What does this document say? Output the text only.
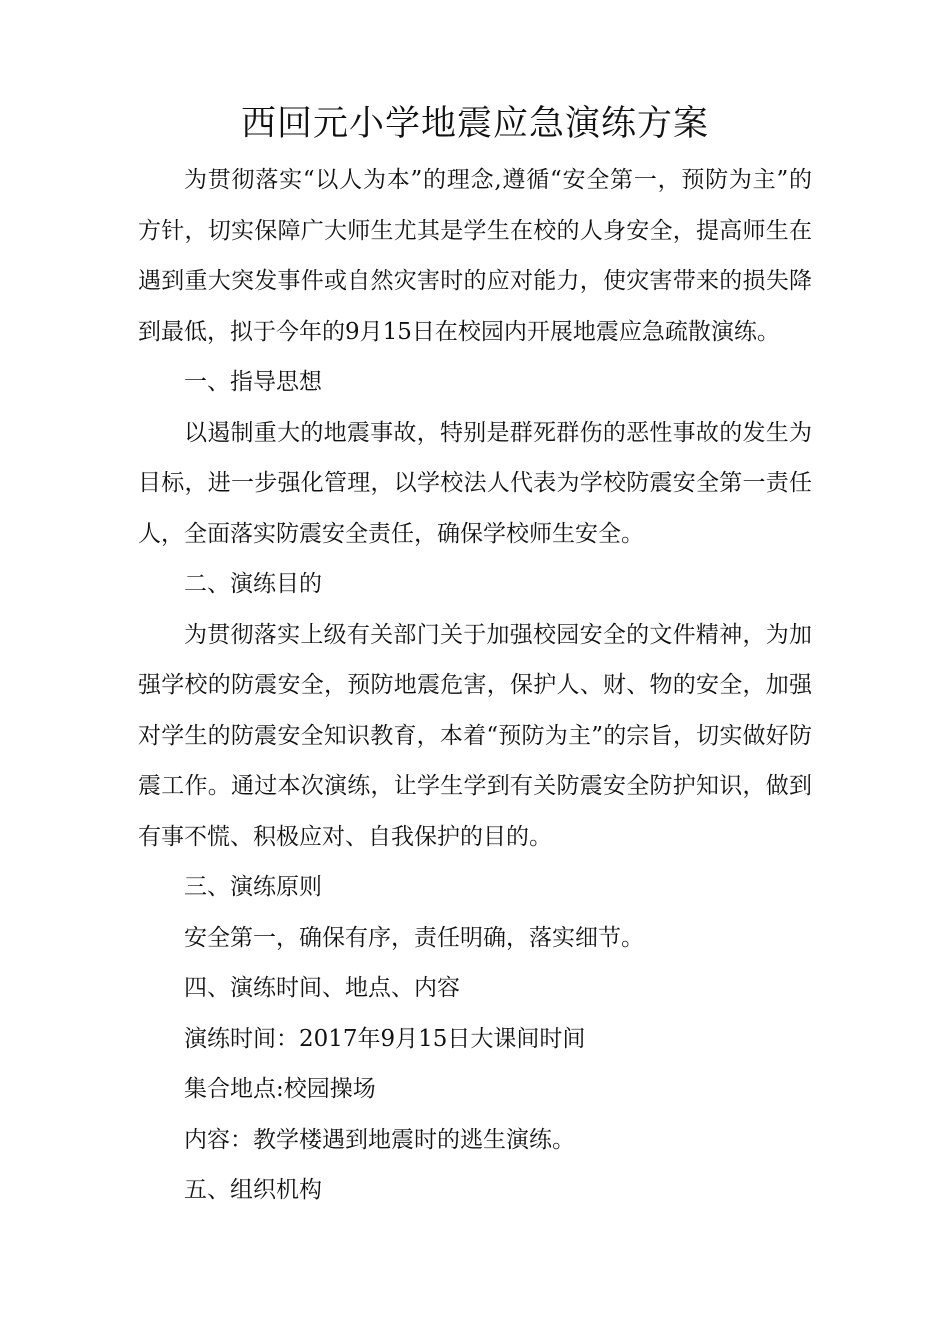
西回元小学地震应急演练方案

为贯彻落实“以人为本”的理念,遵循“安全第一，预防为主”的方针，切实保障广大师生尤其是学生在校的人身安全，提高师生在遇到重大突发事件或自然灾害时的应对能力，使灾害带来的损失降到最低，拟于今年的9月15日在校园内开展地震应急疏散演练。

一、指导思想

以遏制重大的地震事故，特别是群死群伤的恶性事故的发生为目标，进一步强化管理，以学校法人代表为学校防震安全第一责任人，全面落实防震安全责任，确保学校师生安全。

二、演练目的

为贯彻落实上级有关部门关于加强校园安全的文件精神，为加强学校的防震安全，预防地震危害，保护人、财、物的安全，加强对学生的防震安全知识教育，本着“预防为主”的宗旨，切实做好防震工作。通过本次演练，让学生学到有关防震安全防护知识，做到有事不慌、积极应对、自我保护的目的。

三、演练原则

安全第一，确保有序，责任明确，落实细节。

四、演练时间、地点、内容

演练时间：2017年9月15日大课间时间

集合地点:校园操场

内容：教学楼遇到地震时的逃生演练。

五、组织机构
